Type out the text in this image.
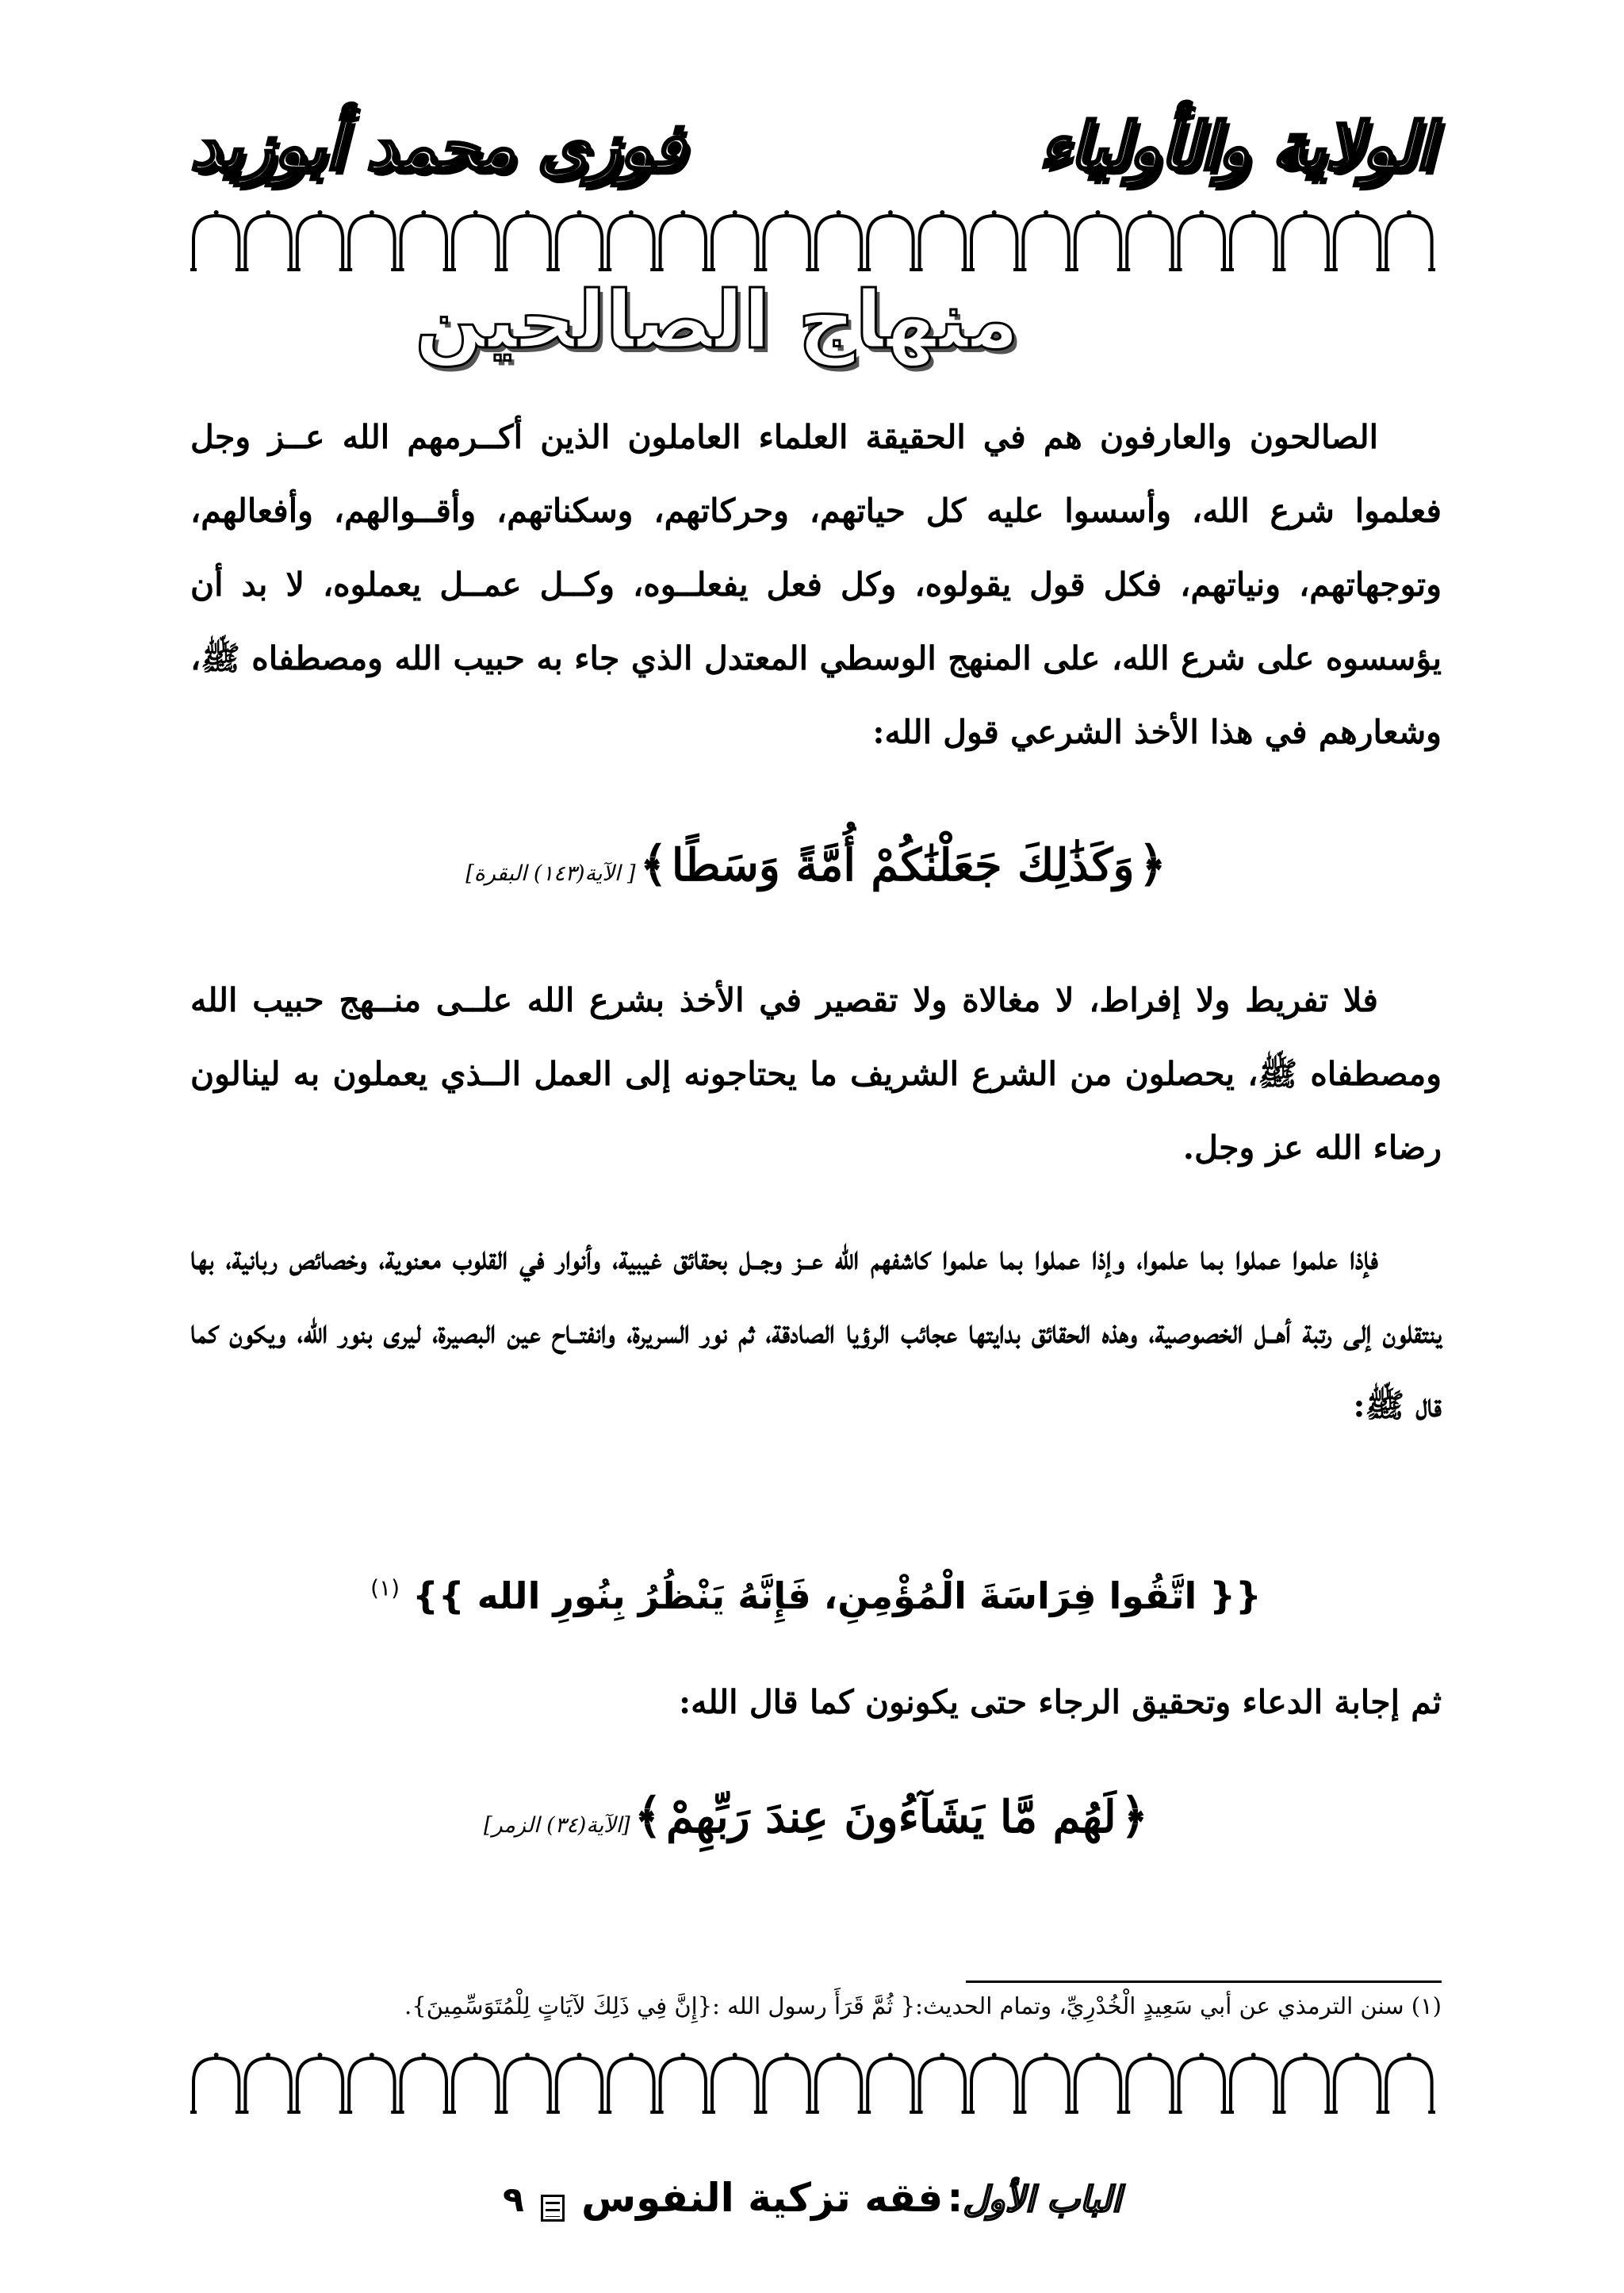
الولاية والأولياء
فوزى محمد أبوزيد
منهاج الصالحين
الصالحون والعارفون هم في الحقيقة العلماء العاملون الذين أكــرمهم الله عــز وجل فعلموا شرع الله، وأسسوا عليه كل حياتهم، وحركاتهم، وسكناتهم، وأقــوالهم، وأفعالهم، وتوجهاتهم، ونياتهم، فكل قول يقولوه، وكل فعل يفعلــوه، وكــل عمــل يعملوه، لا بد أن يؤسسوه على شرع الله، على المنهج الوسطي المعتدل الذي جاء به حبيب الله ومصطفاه ﷺ، وشعارهم في هذا الأخذ الشرعي قول الله:
﴿ وَكَذَٰلِكَ جَعَلْنَٰكُمْ أُمَّةً وَسَطًا ﴾ [ الآية(١٤٣) البقرة]
فلا تفريط ولا إفراط، لا مغالاة ولا تقصير في الأخذ بشرع الله علــى منــهج حبيب الله ومصطفاه ﷺ، يحصلون من الشرع الشريف ما يحتاجونه إلى العمل الــذي يعملون به لينالون رضاء الله عز وجل.
فإذا علموا عملوا بما علموا، وإذا عملوا بما علموا كاشفهم الله عــز وجــل بحقائق غيبية، وأنوار في القلوب معنوية، وخصائص ربانية، بها ينتقلون إلى رتبة أهــل الخصوصية، وهذه الحقائق بدايتها عجائب الرؤيا الصادقة، ثم نور السريرة، وانفتــاح عين البصيرة، ليرى بنور الله، ويكون كما قال ﷺ:
{{ اتَّقُوا فِرَاسَةَ الْمُؤْمِنِ، فَإِنَّهُ يَنْظُرُ بِنُورِ الله }} $^{(١)}$
ثم إجابة الدعاء وتحقيق الرجاء حتى يكونون كما قال الله:
﴿ لَهُم مَّا يَشَآءُونَ عِندَ رَبِّهِمْ ﴾ [الآية(٣٤) الزمر]
(١) سنن الترمذي عن أبي سَعِيدٍ الْخُدْرِيِّ، وتمام الحديث:{ ثُمَّ قَرَأَ رسول الله :{إِنَّ فِي ذَلِكَ لآيَاتٍ لِلْمُتَوَسِّمِينَ}.
الباب الأول: فقه تزكية النفوس  ٩
